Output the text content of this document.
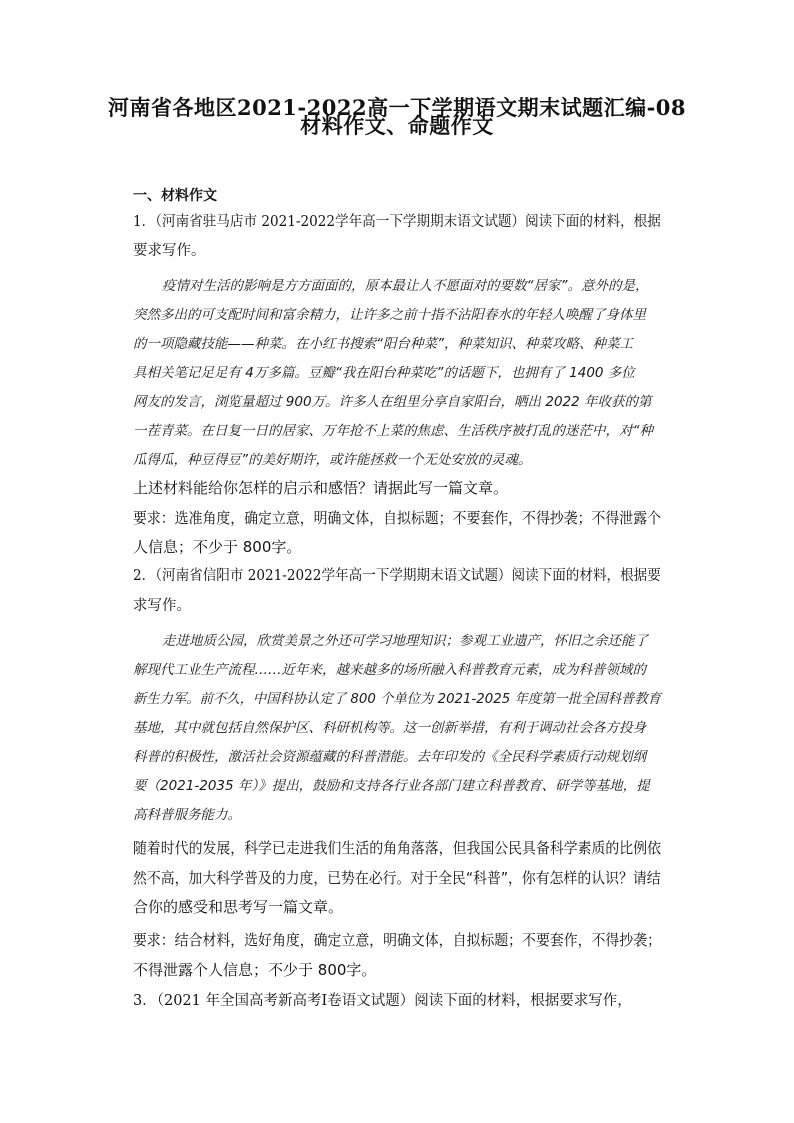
河南省各地区2021-2022高一下学期语文期末试题汇编-08
材料作文、命题作文
一、材料作文
1．（河南省驻马店市 2021-2022学年高一下学期期末语文试题）阅读下面的材料，根据
要求写作。
疫情对生活的影响是方方面面的，原本最让人不愿面对的要数“居家”。意外的是，
突然多出的可支配时间和富余精力，让许多之前十指不沾阳春水的年轻人唤醒了身体里
的一项隐藏技能——种菜。在小红书搜索“阳台种菜”，种菜知识、种菜攻略、种菜工
具相关笔记足足有 4万多篇。豆瓣“我在阳台种菜吃”的话题下，也拥有了 1400 多位
网友的发言，浏览量超过 900万。许多人在组里分享自家阳台，晒出 2022 年收获的第
一茬青菜。在日复一日的居家、万年抢不上菜的焦虑、生活秩序被打乱的迷茫中，对“种
瓜得瓜，种豆得豆”的美好期许，或许能拯救一个无处安放的灵魂。
上述材料能给你怎样的启示和感悟？请据此写一篇文章。
要求：选准角度，确定立意，明确文体，自拟标题；不要套作，不得抄袭；不得泄露个
人信息；不少于 800字。
2．（河南省信阳市 2021-2022学年高一下学期期末语文试题）阅读下面的材料，根据要
求写作。
走进地质公园，欣赏美景之外还可学习地理知识；参观工业遗产，怀旧之余还能了
解现代工业生产流程……近年来，越来越多的场所融入科普教育元素，成为科普领域的
新生力军。前不久，中国科协认定了 800 个单位为 2021-2025 年度第一批全国科普教育
基地，其中就包括自然保护区、科研机构等。这一创新举措，有利于调动社会各方投身
科普的积极性，激活社会资源蕴藏的科普潜能。去年印发的《全民科学素质行动规划纲
要（2021-2035 年）》提出，鼓励和支持各行业各部门建立科普教育、研学等基地，提
高科普服务能力。
随着时代的发展，科学已走进我们生活的角角落落，但我国公民具备科学素质的比例依
然不高，加大科学普及的力度，已势在必行。对于全民“科普”，你有怎样的认识？请结
合你的感受和思考写一篇文章。
要求：结合材料，选好角度，确定立意，明确文体，自拟标题；不要套作，不得抄袭；
不得泄露个人信息；不少于 800字。
3．（2021 年全国高考新高考Ⅰ卷语文试题）阅读下面的材料，根据要求写作，
